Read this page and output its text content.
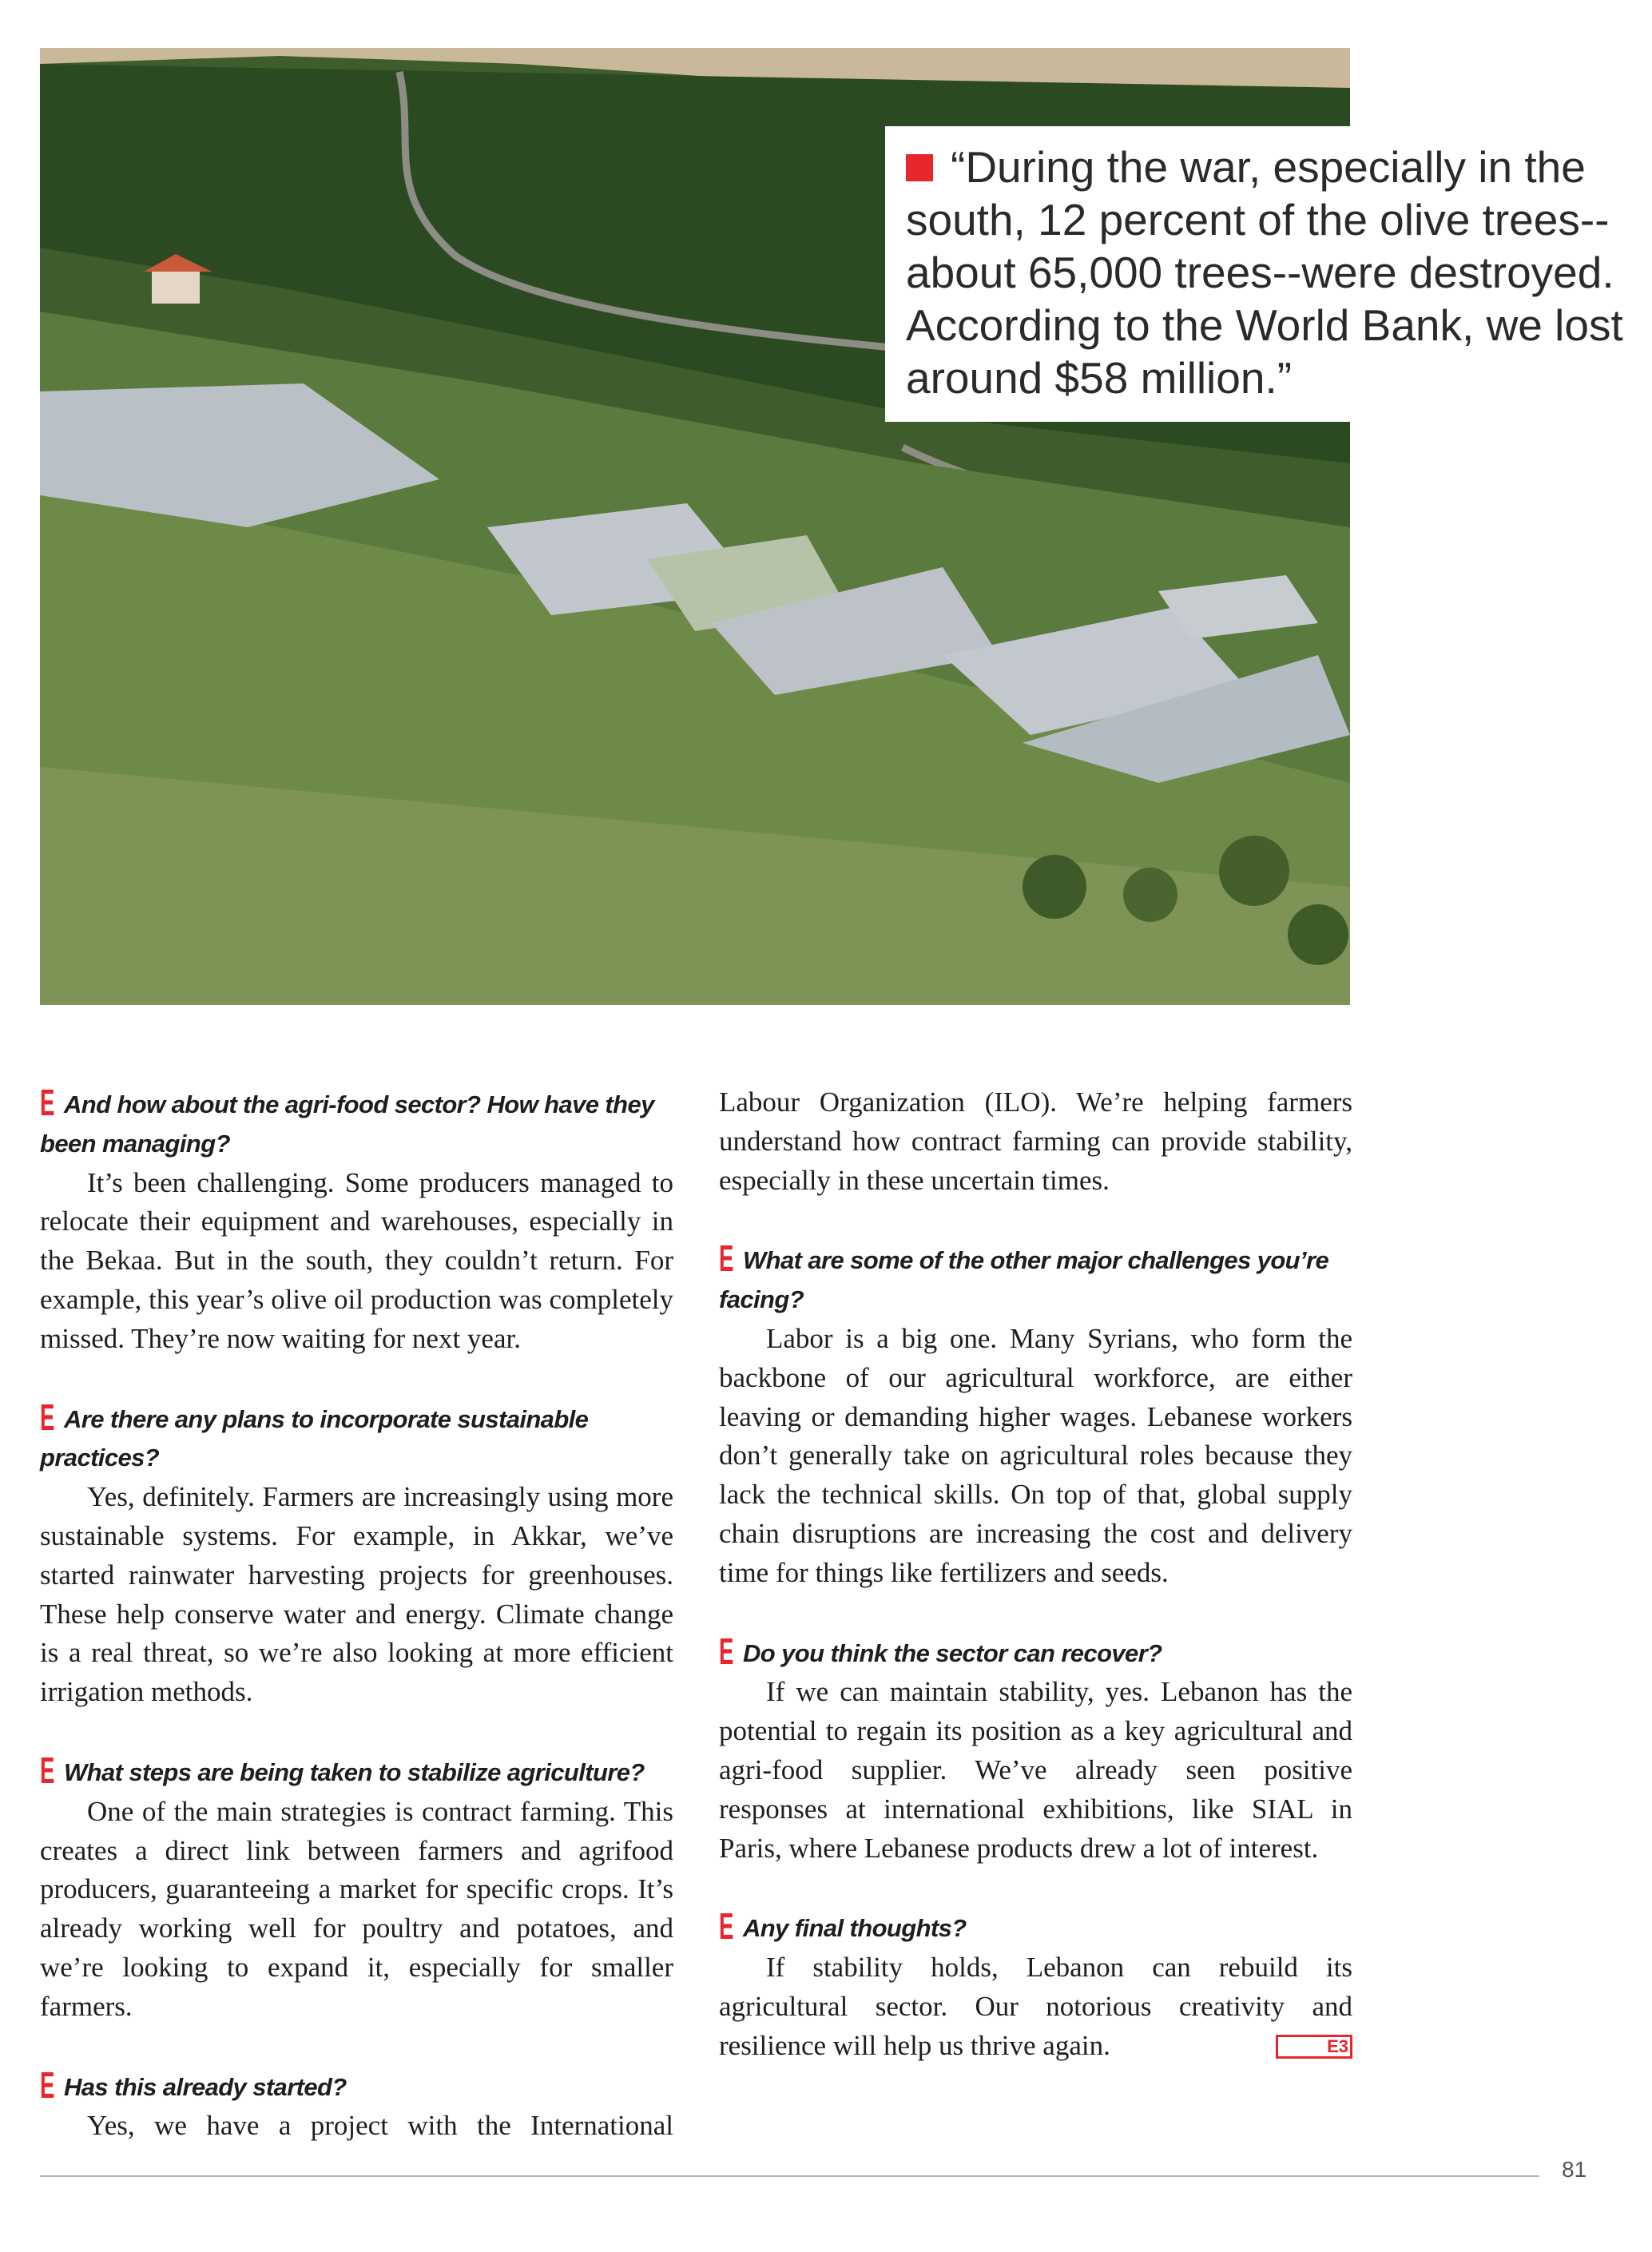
“During the war, especially in the south, 12 percent of the olive trees--about 65,000 trees--were destroyed. According to the World Bank, we lost around $58 million.”

E And how about the agri-food sector? How have they been managing?

It’s been challenging. Some producers managed to relocate their equipment and warehouses, especially in the Bekaa. But in the south, they couldn’t return. For example, this year’s olive oil production was completely missed. They’re now waiting for next year.

E Are there any plans to incorporate sustainable practices?

Yes, definitely. Farmers are increasingly using more sustainable systems. For example, in Akkar, we’ve started rainwater harvesting projects for greenhouses. These help conserve water and energy. Climate change is a real threat, so we’re also looking at more efficient irrigation methods.

E What steps are being taken to stabilize agriculture?

One of the main strategies is contract farming. This creates a direct link between farmers and agrifood producers, guaranteeing a market for specific crops. It’s already working well for poultry and potatoes, and we’re looking to expand it, especially for smaller farmers.

E Has this already started?

Yes, we have a project with the International

Labour Organization (ILO). We’re helping farmers understand how contract farming can provide stability, especially in these uncertain times.

E What are some of the other major challenges you’re facing?

Labor is a big one. Many Syrians, who form the backbone of our agricultural workforce, are either leaving or demanding higher wages. Lebanese workers don’t generally take on agricultural roles because they lack the technical skills. On top of that, global supply chain disruptions are increasing the cost and delivery time for things like fertilizers and seeds.

E Do you think the sector can recover?

If we can maintain stability, yes. Lebanon has the potential to regain its position as a key agricultural and agri-food supplier. We’ve already seen positive responses at international exhibitions, like SIAL in Paris, where Lebanese products drew a lot of interest.

E Any final thoughts?

If stability holds, Lebanon can rebuild its agricultural sector. Our notorious creativity and resilience will help us thrive again.	E3

81
